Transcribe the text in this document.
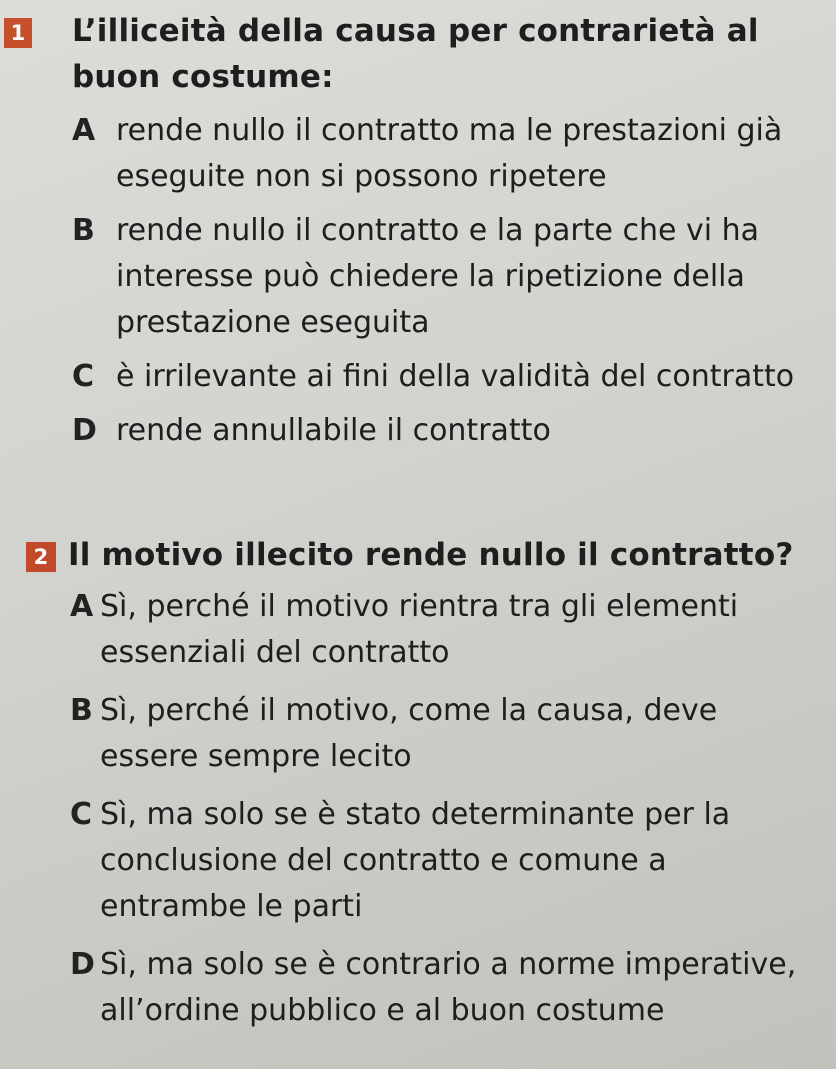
1 L’illiceità della causa per contrarietà al buon costume:
A rende nullo il contratto ma le prestazioni già eseguite non si possono ripetere
B rende nullo il contratto e la parte che vi ha interesse può chiedere la ripetizione della prestazione eseguita
C è irrilevante ai fini della validità del contratto
D rende annullabile il contratto
2 Il motivo illecito rende nullo il contratto?
A Sì, perché il motivo rientra tra gli elementi essenziali del contratto
B Sì, perché il motivo, come la causa, deve essere sempre lecito
C Sì, ma solo se è stato determinante per la conclusione del contratto e comune a entrambe le parti
D Sì, ma solo se è contrario a norme imperative, all’ordine pubblico e al buon costume
